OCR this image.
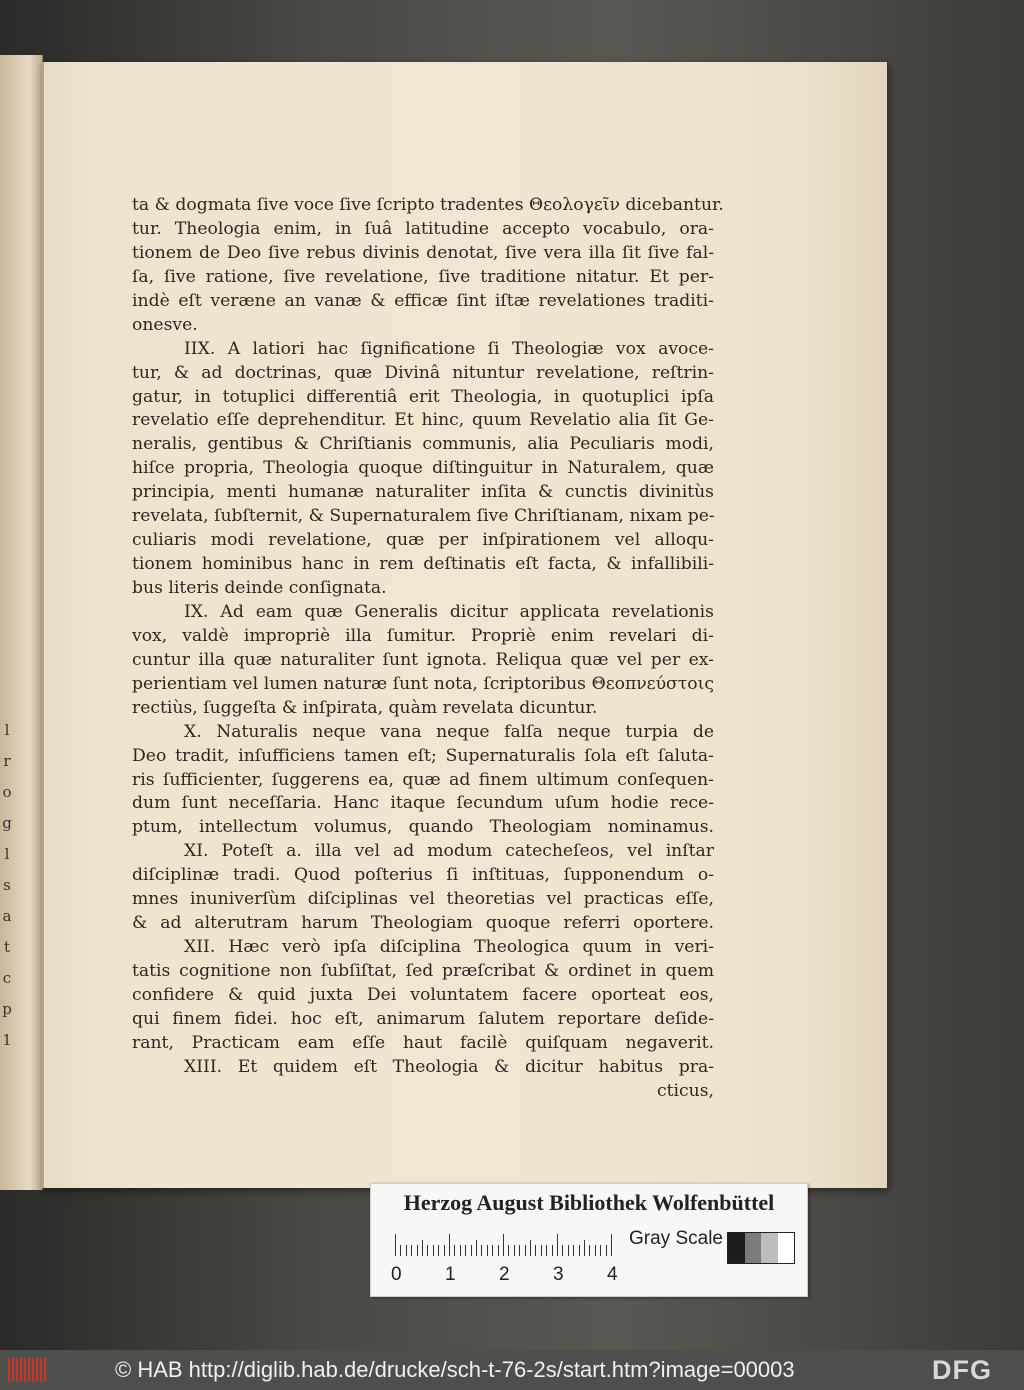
l
r
o
g
l
s
a
t
c
p
1
ta & dogmata ſive voce ſive ſcripto tradentes Θεολογεῖν dicebantur.
tur. Theologia enim, in ſuâ latitudine accepto vocabulo, ora-
tionem de Deo ſive rebus divinis denotat, ſive vera illa ſit ſive fal-
ſa, ſive ratione, ſive revelatione, ſive traditione nitatur. Et per-
indè eſt veræne an vanæ & efficæ ſint iſtæ revelationes traditi-
onesve.
IIX. A latiori hac ſignificatione ſi Theologiæ vox avoce-
tur, & ad doctrinas, quæ Divinâ nituntur revelatione, reſtrin-
gatur, in totuplici differentiâ erit Theologia, in quotuplici ipſa
revelatio eſſe deprehenditur. Et hinc, quum Revelatio alia ſit Ge-
neralis, gentibus & Chriſtianis communis, alia Peculiaris modi,
hiſce propria, Theologia quoque diſtinguitur in Naturalem, quæ
principia, menti humanæ naturaliter inſita & cunctis divinitùs
revelata, ſubſternit, & Supernaturalem ſive Chriſtianam, nixam pe-
culiaris modi revelatione, quæ per inſpirationem vel alloqu-
tionem hominibus hanc in rem deſtinatis eſt facta, & infallibili-
bus literis deinde conſignata.
IX. Ad eam quæ Generalis dicitur applicata revelationis
vox, valdè impropriè illa ſumitur. Propriè enim revelari di-
cuntur illa quæ naturaliter ſunt ignota. Reliqua quæ vel per ex-
perientiam vel lumen naturæ ſunt nota, ſcriptoribus Θεοπνεύστοις
rectiùs, ſuggeſta & inſpirata, quàm revelata dicuntur.
X. Naturalis neque vana neque falſa neque turpia de
Deo tradit, inſufficiens tamen eſt; Supernaturalis ſola eſt ſaluta-
ris ſufficienter, ſuggerens ea, quæ ad finem ultimum conſequen-
dum ſunt neceſſaria. Hanc itaque ſecundum uſum hodie rece-
ptum, intellectum volumus, quando Theologiam nominamus.
XI. Poteſt a. illa vel ad modum catecheſeos, vel inſtar
diſciplinæ tradi. Quod poſterius ſi inſtituas, ſupponendum o-
mnes inuniverſùm diſciplinas vel theoretias vel practicas eſſe,
& ad alterutram harum Theologiam quoque referri oportere.
XII. Hæc verò ipſa diſciplina Theologica quum in veri-
tatis cognitione non ſubſiſtat, ſed præſcribat & ordinet in quem
confidere & quid juxta Dei voluntatem facere oporteat eos,
qui finem fidei. hoc eſt, animarum ſalutem reportare deſide-
rant, Practicam eam eſſe haut facilè quiſquam negaverit.
XIII. Et quidem eſt Theologia & dicitur habitus pra-
cticus,
Herzog August Bibliothek Wolfenbüttel
0 1 2 3 4
Gray Scale
© HAB http://diglib.hab.de/drucke/sch-t-76-2s/start.htm?image=00003	DFG
